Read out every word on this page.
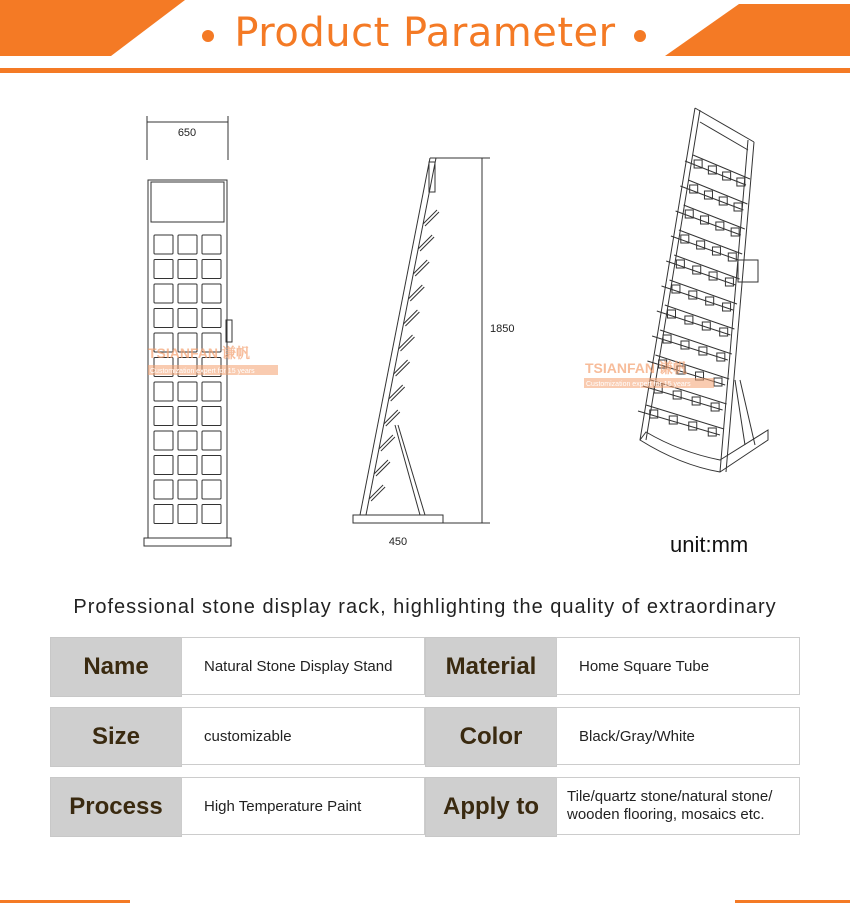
Product Parameter
650
TSIANFAN 谦帆
Customization expert for 15 years
1850
450
TSIANFAN 谦帆
Customization expert for 15 years
unit:mm
Professional stone display rack, highlighting the quality of extraordinary
Name	Natural Stone Display Stand	Material	Home Square Tube
Size	customizable	Color	Black/Gray/White
Process	High Temperature Paint	Apply to	Tile/quartz stone/natural stone/ wooden flooring, mosaics etc.
